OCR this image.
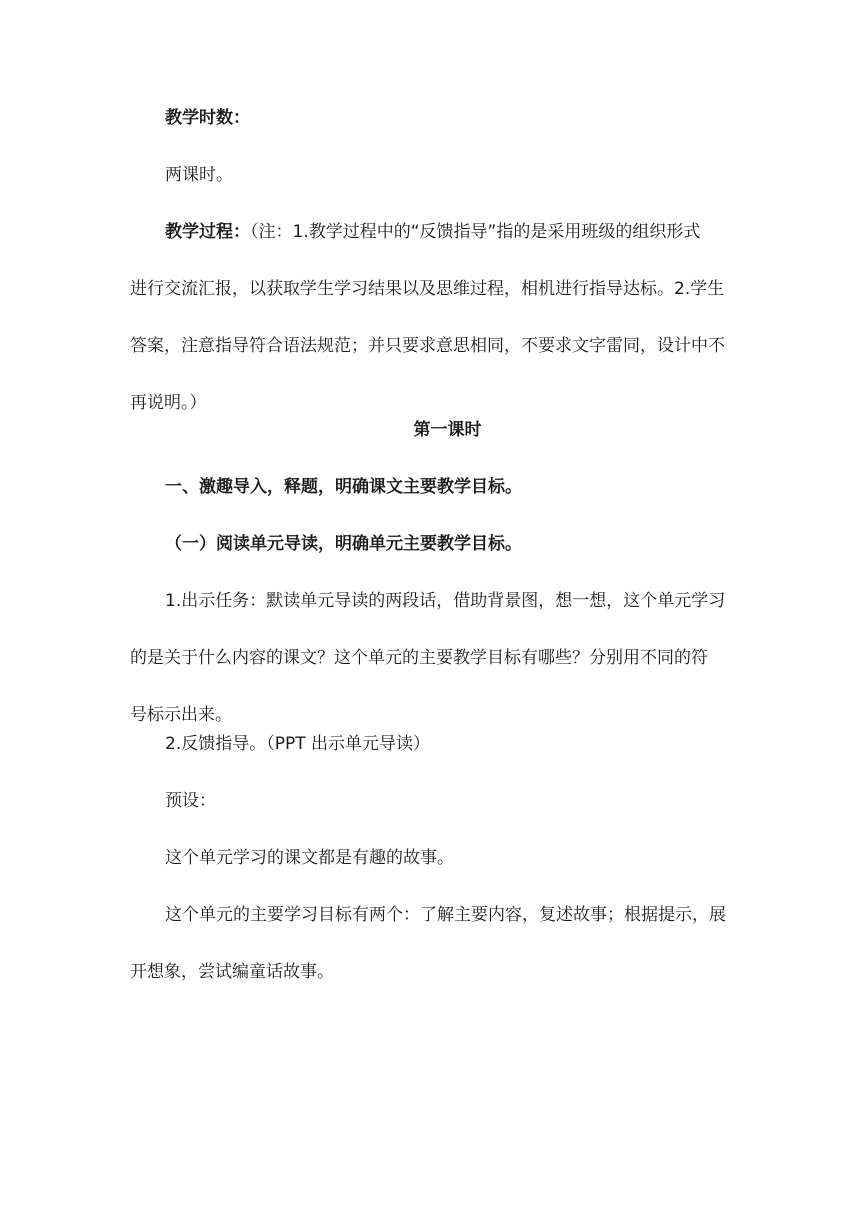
教学时数：

两课时。

教学过程：（注：1.教学过程中的“反馈指导”指的是采用班级的组织形式

进行交流汇报，以获取学生学习结果以及思维过程，相机进行指导达标。2.学生

答案，注意指导符合语法规范；并只要求意思相同，不要求文字雷同，设计中不

再说明。）

第一课时

一、激趣导入，释题，明确课文主要教学目标。

（一）阅读单元导读，明确单元主要教学目标。

1.出示任务：默读单元导读的两段话，借助背景图，想一想，这个单元学习

的是关于什么内容的课文？这个单元的主要教学目标有哪些？分别用不同的符

号标示出来。

2.反馈指导。（PPT 出示单元导读）

预设：

这个单元学习的课文都是有趣的故事。

这个单元的主要学习目标有两个：了解主要内容，复述故事；根据提示，展

开想象，尝试编童话故事。
